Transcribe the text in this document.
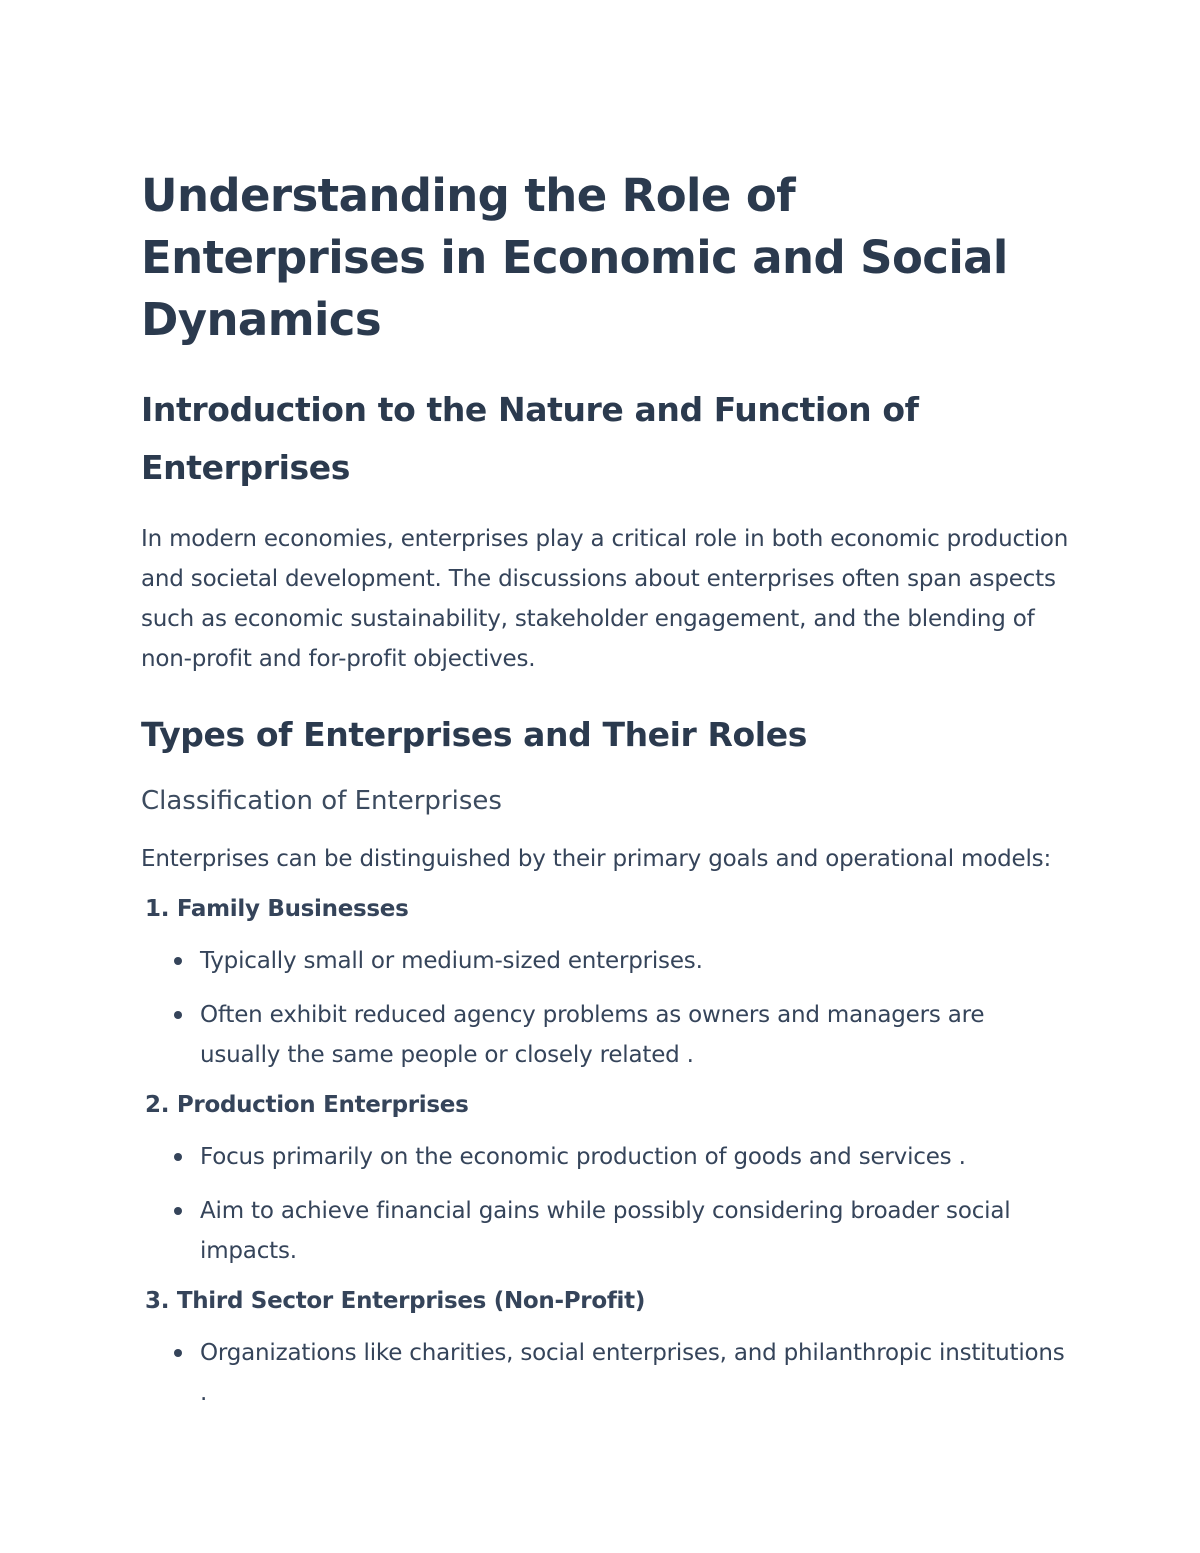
Understanding the Role of Enterprises in Economic and Social Dynamics
Introduction to the Nature and Function of Enterprises

In modern economies, enterprises play a critical role in both economic production and societal development. The discussions about enterprises often span aspects such as economic sustainability, stakeholder engagement, and the blending of non-profit and for-profit objectives.

Types of Enterprises and Their Roles
Classification of Enterprises

Enterprises can be distinguished by their primary goals and operational models:

1. Family Businesses
Typically small or medium-sized enterprises.
Often exhibit reduced agency problems as owners and managers are usually the same people or closely related .
2. Production Enterprises
Focus primarily on the economic production of goods and services .
Aim to achieve financial gains while possibly considering broader social impacts.
3. Third Sector Enterprises (Non-Profit)
Organizations like charities, social enterprises, and philanthropic institutions .
